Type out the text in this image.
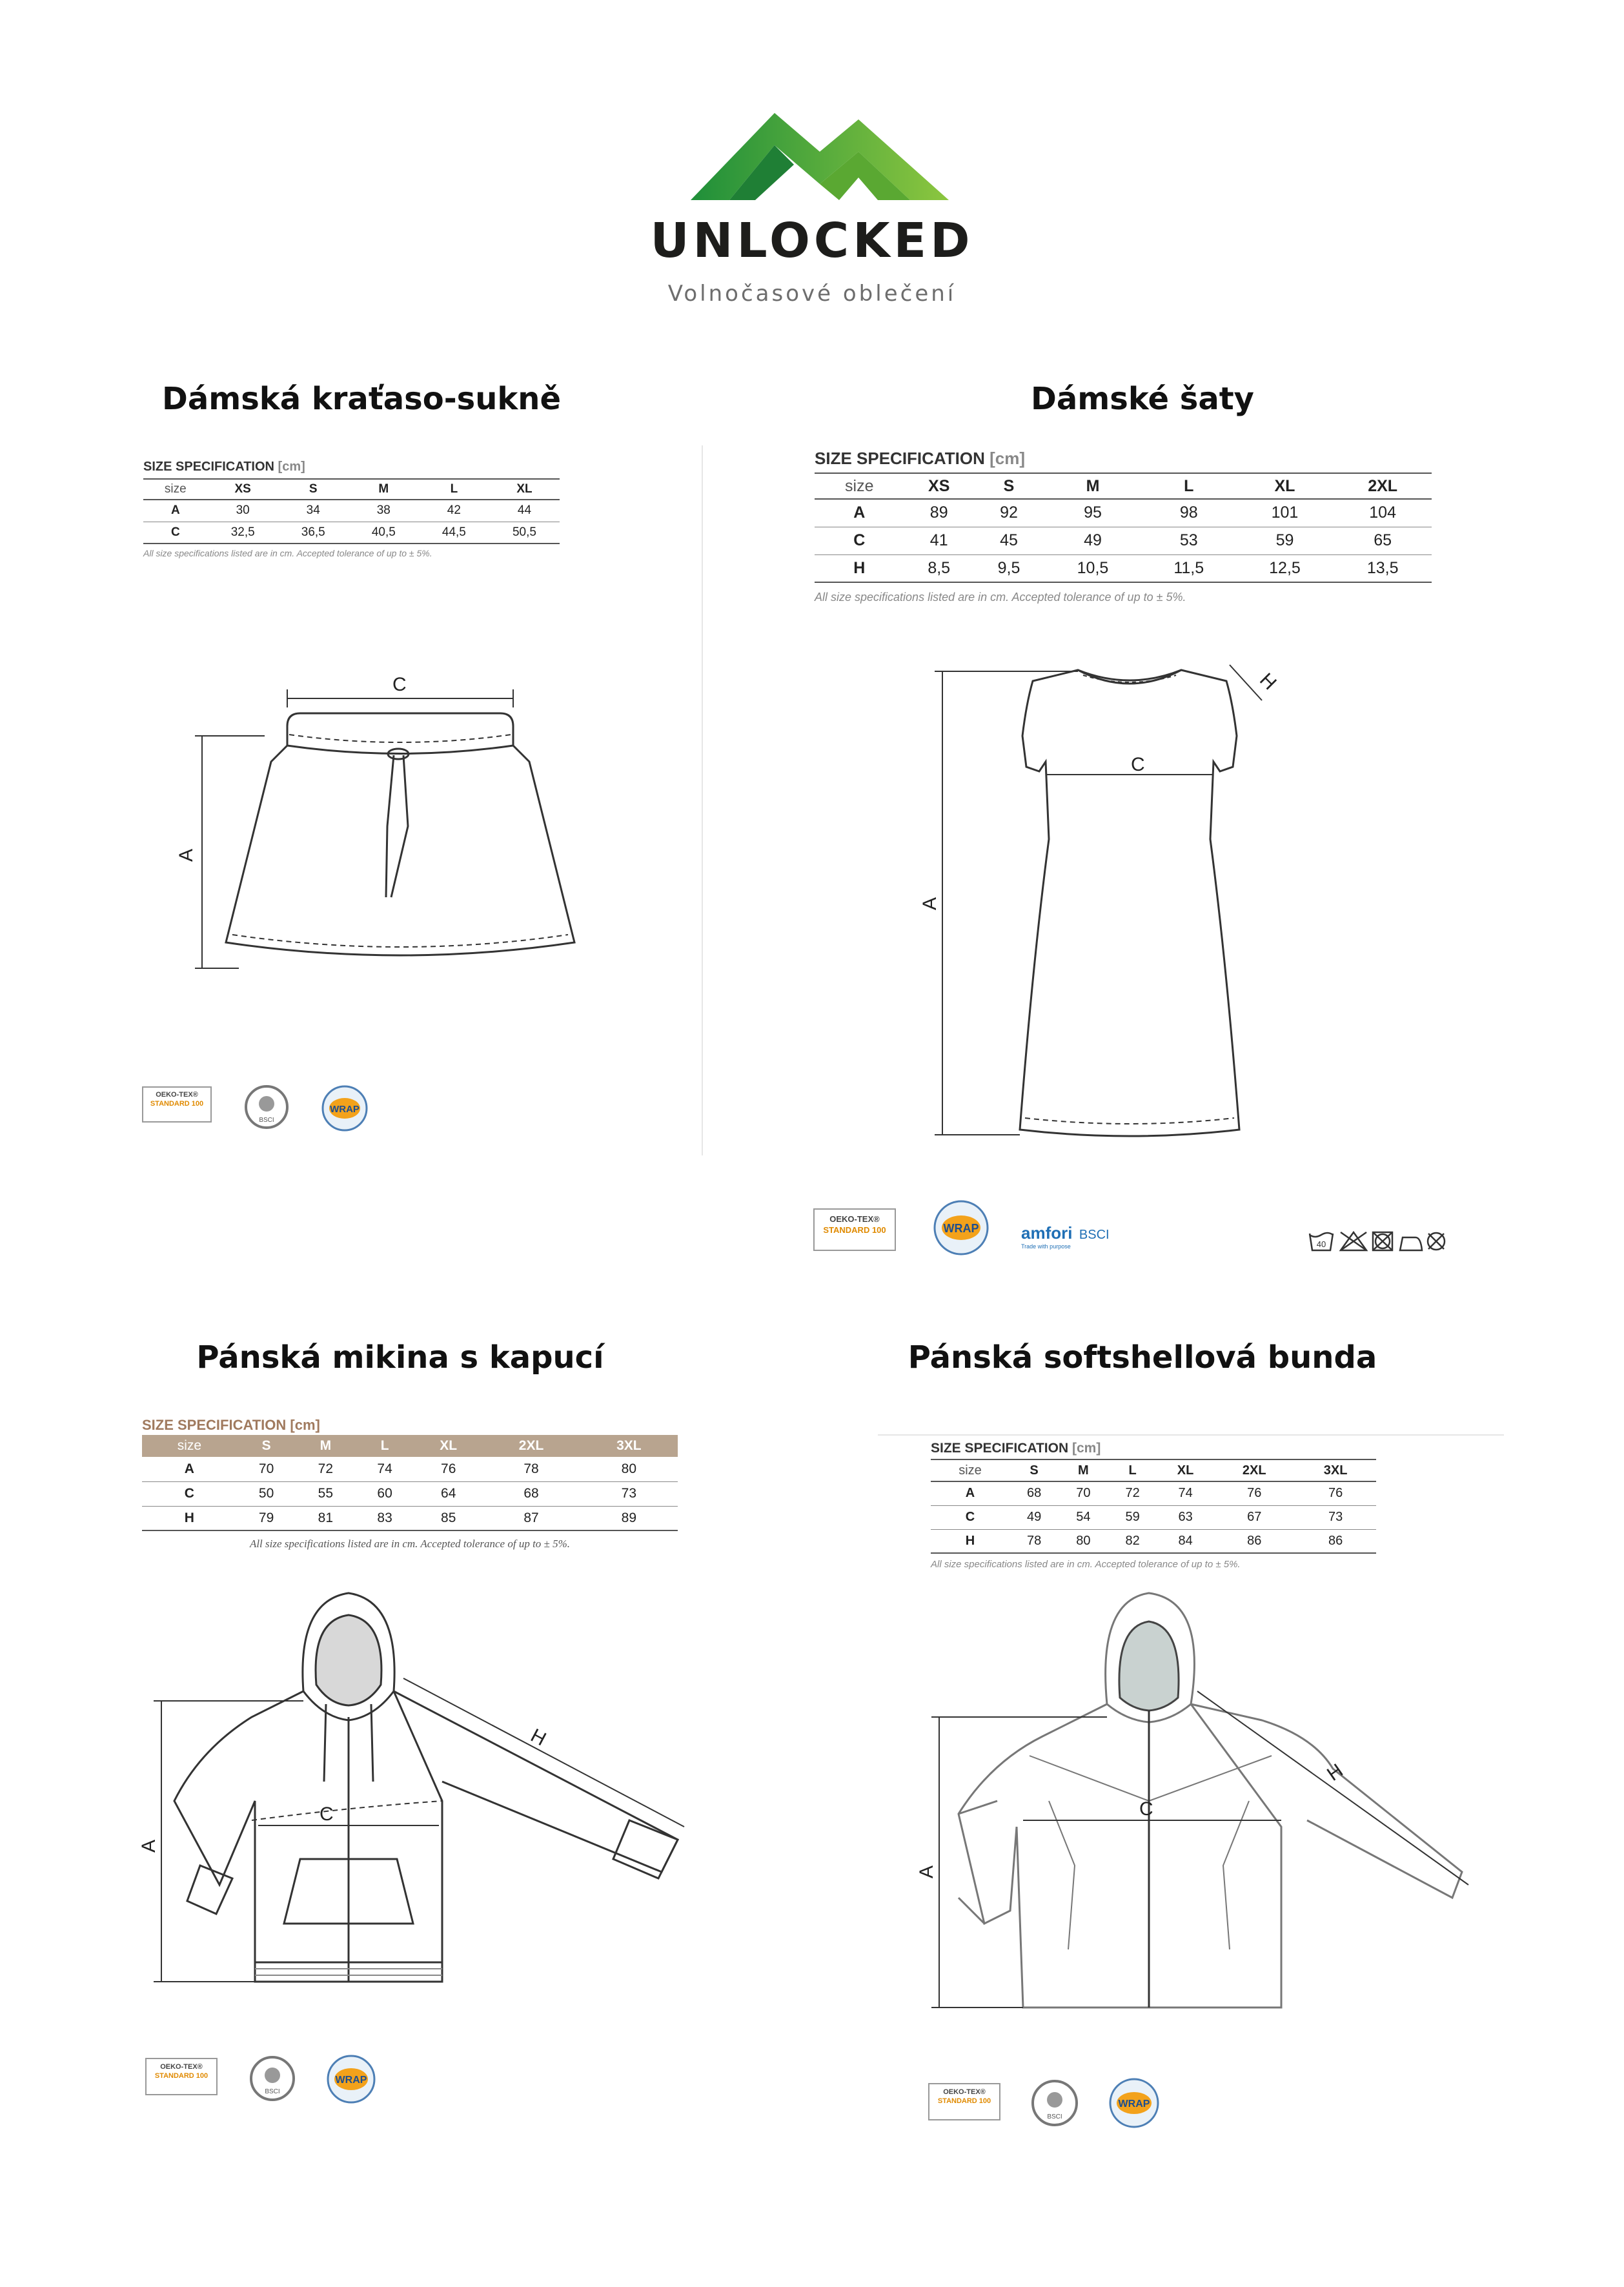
UNLOCKED
Volnočasové oblečení
Dámská kraťaso-sukně
SIZE SPECIFICATION [cm]
size	XS	S	M	L	XL
A	30	34	38	42	44
C	32,5	36,5	40,5	44,5	50,5
All size specifications listed are in cm. Accepted tolerance of up to ± 5%.
C
A
OEKO-TEX®
STANDARD 100
BSCI
WRAP
Dámské šaty
SIZE SPECIFICATION [cm]
size	XS	S	M	L	XL	2XL
A	89	92	95	98	101	104
C	41	45	49	53	59	65
H	8,5	9,5	10,5	11,5	12,5	13,5
All size specifications listed are in cm. Accepted tolerance of up to ± 5%.
C
H
A
OEKO-TEX®
STANDARD 100	WRAP	amfori BSCI
Trade with purpose	40
Pánská mikina s kapucí
SIZE SPECIFICATION [cm]
size	S	M	L	XL	2XL	3XL
A	70	72	74	76	78	80
C	50	55	60	64	68	73
H	79	81	83	85	87	89
All size specifications listed are in cm. Accepted tolerance of up to ± 5%.
C
H
A
OEKO-TEX®
STANDARD 100
BSCI
WRAP
Pánská softshellová bunda
SIZE SPECIFICATION [cm]
size	S	M	L	XL	2XL	3XL
A	68	70	72	74	76	76
C	49	54	59	63	67	73
H	78	80	82	84	86	86
All size specifications listed are in cm. Accepted tolerance of up to ± 5%.
C
H
A
OEKO-TEX®
STANDARD 100
BSCI
WRAP
